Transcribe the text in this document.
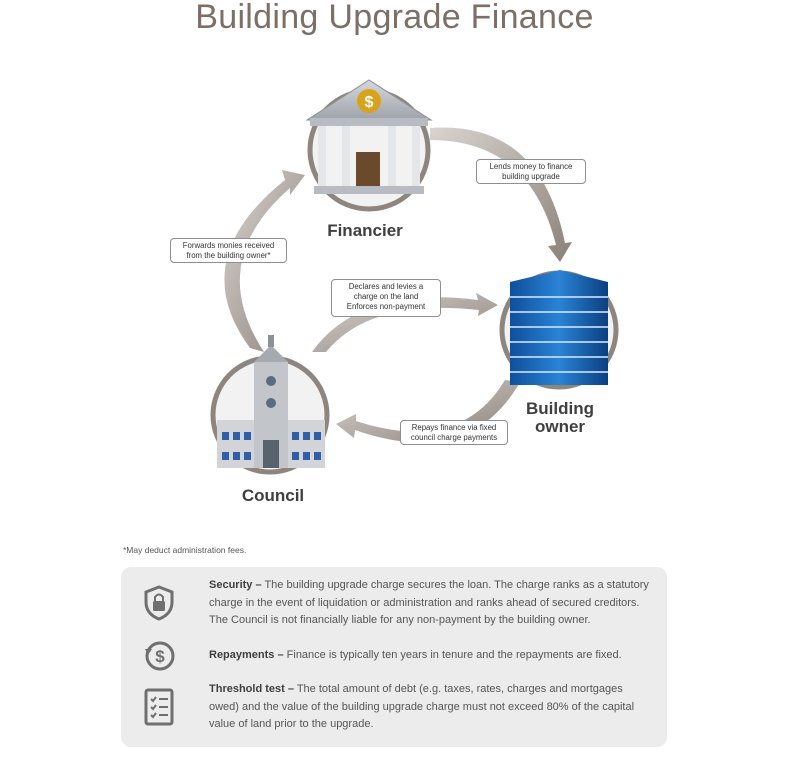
Building Upgrade Finance
$
Financier
Building
owner
Council
Lends money to finance
building upgrade
Forwards monies received
from the building owner*
Declares and levies a
charge on the land
Enforces non-payment
Repays finance via fixed
council charge payments
*May deduct administration fees.
Security – The building upgrade charge secures the loan. The charge ranks as a statutory charge in the event of liquidation or administration and ranks ahead of secured creditors. The Council is not financially liable for any non-payment by the building owner.
$	Repayments – Finance is typically ten years in tenure and the repayments are fixed.
Threshold test – The total amount of debt (e.g. taxes, rates, charges and mortgages owed) and the value of the building upgrade charge must not exceed 80% of the capital value of land prior to the upgrade.
